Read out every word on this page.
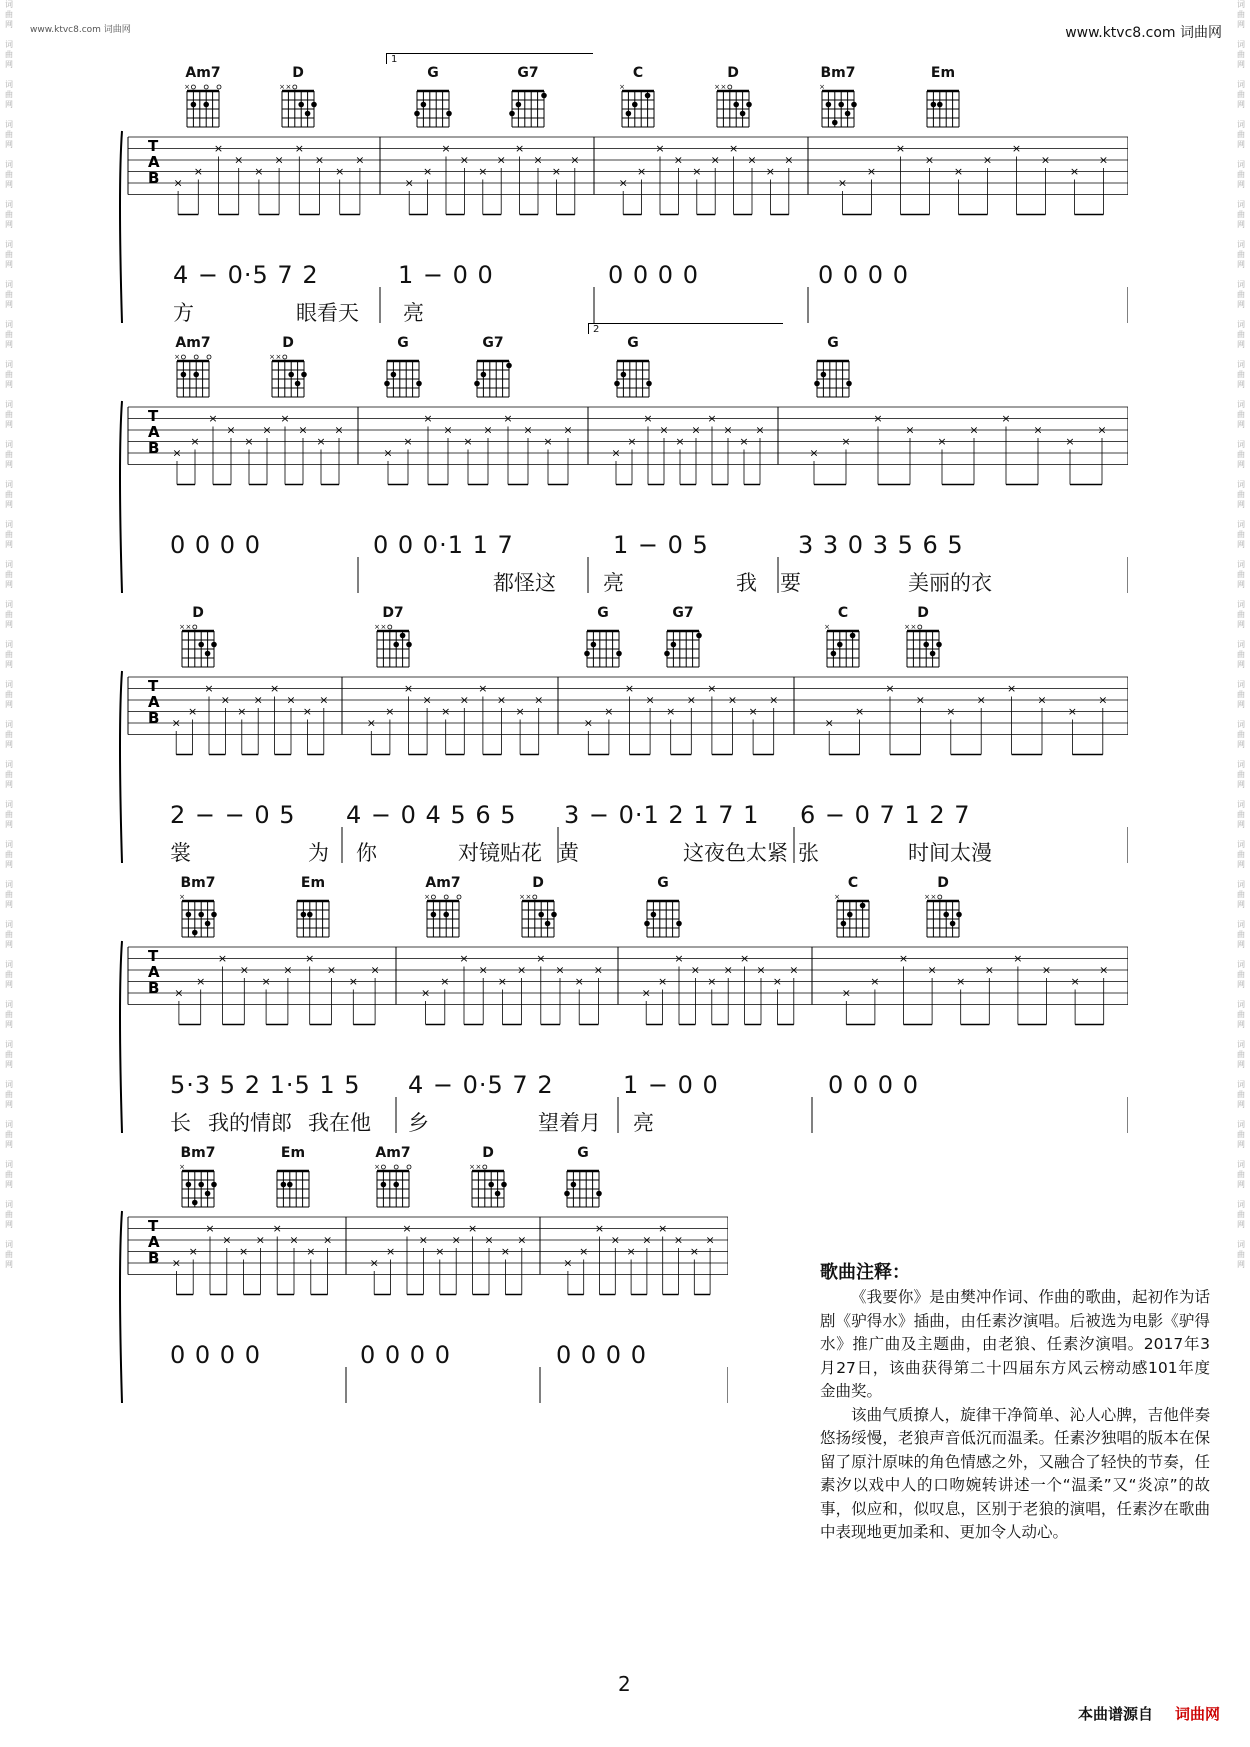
词
曲
网

词
曲
网

词
曲
网

词
曲
网

词
曲
网

词
曲
网

词
曲
网

词
曲
网

词
曲
网

词
曲
网

词
曲
网

词
曲
网

词
曲
网

词
曲
网

词
曲
网

词
曲
网

词
曲
网

词
曲
网

词
曲
网

词
曲
网

词
曲
网

词
曲
网

词
曲
网

词
曲
网

词
曲
网

词
曲
网

词
曲
网

词
曲
网

词
曲
网

词
曲
网

词
曲
网

词
曲
网

词
曲
网

词
曲
网

词
曲
网

词
曲
网

词
曲
网

词
曲
网

词
曲
网

词
曲
网

词
曲
网

词
曲
网

词
曲
网

词
曲
网

词
曲
网

词
曲
网

词
曲
网

词
曲
网

词
曲
网

词
曲
网

词
曲
网

词
曲
网

词
曲
网

词
曲
网

词
曲
网

词
曲
网

词
曲
网

词
曲
网

词
曲
网

词
曲
网

词
曲
网

词
曲
网

词
曲
网

词
曲
网

www.ktvc8.com 词曲网	www.ktvc8.com 词曲网
Am7
×
D
× ×
G	G7	C
×
D
× ×
Bm7
×
Em
1
T
A
B ×
×
×
×
×
×
×
×
×
×
×
×
×
×
×
×
×
×
×
×
×
×
×
×
×
×
×
×
×
×
×
×
×
×
×
×
×
×
×
×
4 − 0·5 7 2	1 − 0 0	0 0 0 0	0 0 0 0
方	眼看天 亮
Am7
×
D
× ×
G	G7	G	G
2
T
A
B ×
×
×
×
×
×
×
×
×
×
×
×
×
×
×
×
×
×
×
×
×
×
×
×
×
×
×
×
×
×
×
×
×
×
×
×
×
×
×
×
0 0 0 0	0 0 0·1 1 7	1 − 0 5	3 3 0 3 5 6 5
都怪这 亮	我 要	美丽的衣
D
× ×
D7
× ×
G	G7	C
×
D
× ×
T
A
B ×
×
×
×
×
×
×
×
×
×
×
×
×
×
×
×
×
×
×
×
×
×
×
×
×
×
×
×
×
×
×
×
×
×
×
×
×
×
×
×
2 − − 0 5 4 − 0 4 5 6 5 3 − 0·1 2 1 7 1 6 − 0 7 1 2 7
裳	为 你	对镜贴花 黄	这夜色太紧 张	时间太漫
Bm7
×
Em	Am7
×
D
× ×
G	C
×
D
× ×
T
A
B ×
×
×
×
×
×
×
×
×
×
×
×
×
×
×
×
×
×
×
×
×
×
×
×
×
×
×
×
×
×
×
×
×
×
×
×
×
×
×
×
5·3 5 2 1·5 1 5 4 − 0·5 7 2	1 − 0 0	0 0 0 0
长 我的情郎 我在他 乡	望着月 亮
Bm7
×
Em	Am7
×
D
× ×
G
T
A
B ×
×
×
×
×
×
×
×
×
×
×
×
×
×
×
×
×
×
×
×
×
×
×
×
×
×
×
×
×
×
0 0 0 0	0 0 0 0	0 0 0 0
歌曲注释：

《我要你》是由樊冲作词、作曲的歌曲，起初作为话剧《驴得水》插曲，由任素汐演唱。后被选为电影《驴得水》推广曲及主题曲，由老狼、任素汐演唱。2017年3月27日，该曲获得第二十四届东方风云榜动感101年度金曲奖。

该曲气质撩人，旋律干净简单、沁人心脾，吉他伴奏悠扬绥慢，老狼声音低沉而温柔。任素汐独唱的版本在保留了原汁原味的角色情感之外，又融合了轻快的节奏，任素汐以戏中人的口吻婉转讲述一个“温柔”又“炎凉”的故事，似应和，似叹息，区别于老狼的演唱，任素汐在歌曲中表现地更加柔和、更加令人动心。

2
本曲谱源自 词曲网
